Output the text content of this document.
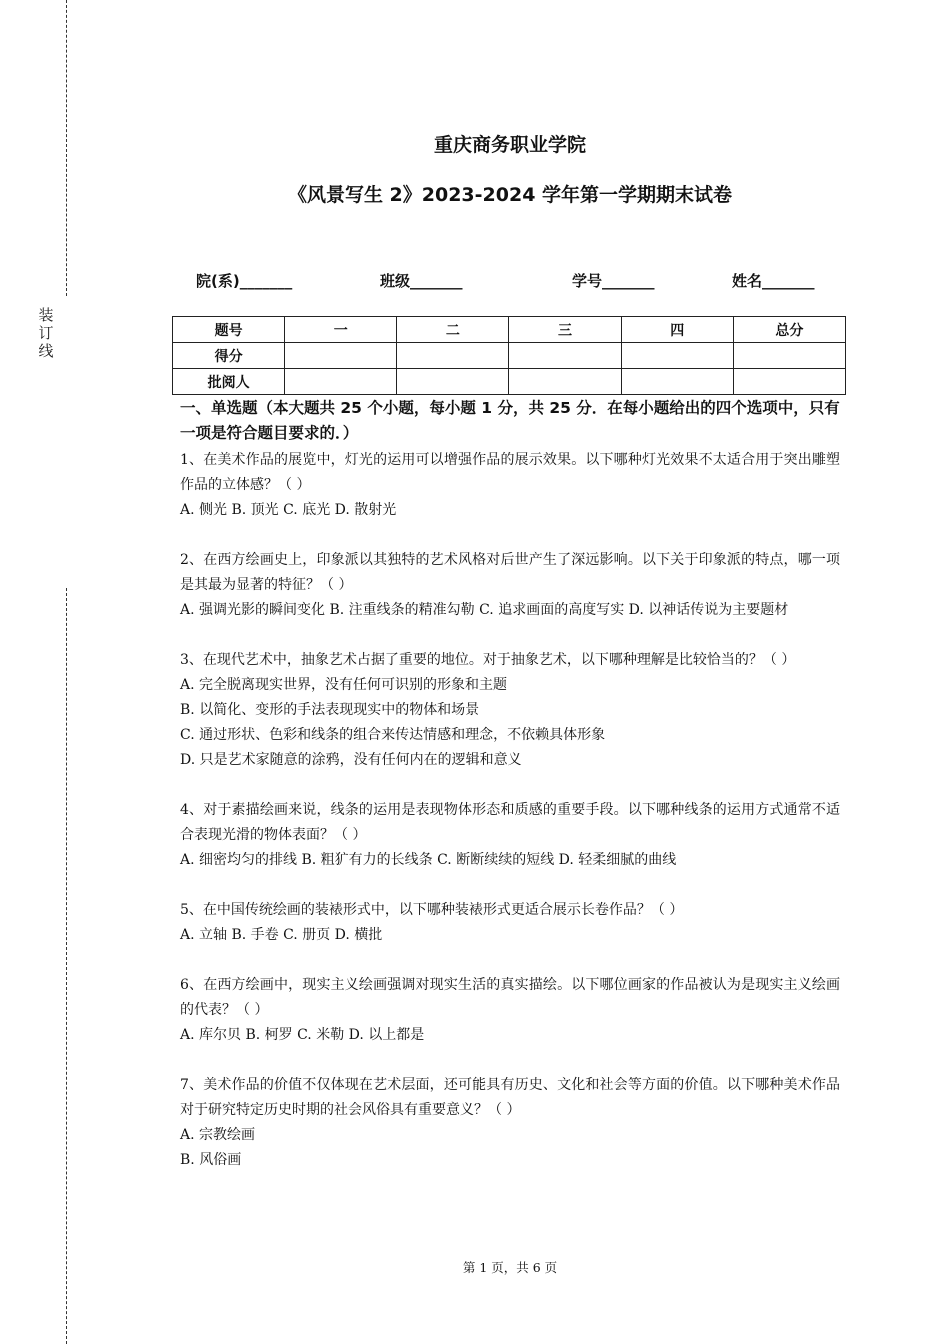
装订线
重庆商务职业学院
《风景写生 2》2023-2024 学年第一学期期末试卷
院(系)_______	班级_______	学号_______	姓名_______
题号	一	二	三	四	总分
得分					
批阅人					
一、单选题（本大题共 25 个小题，每小题 1 分，共 25 分．在每小题给出的四个选项中，只有一项是符合题目要求的．）
1、在美术作品的展览中，灯光的运用可以增强作品的展示效果。以下哪种灯光效果不太适合用于突出雕塑作品的立体感？（ ）
A. 侧光 B. 顶光 C. 底光 D. 散射光
2、在西方绘画史上，印象派以其独特的艺术风格对后世产生了深远影响。以下关于印象派的特点，哪一项是其最为显著的特征？（ ）
A. 强调光影的瞬间变化 B. 注重线条的精准勾勒 C. 追求画面的高度写实 D. 以神话传说为主要题材
3、在现代艺术中，抽象艺术占据了重要的地位。对于抽象艺术，以下哪种理解是比较恰当的？（ ）
A. 完全脱离现实世界，没有任何可识别的形象和主题
B. 以简化、变形的手法表现现实中的物体和场景
C. 通过形状、色彩和线条的组合来传达情感和理念，不依赖具体形象
D. 只是艺术家随意的涂鸦，没有任何内在的逻辑和意义
4、对于素描绘画来说，线条的运用是表现物体形态和质感的重要手段。以下哪种线条的运用方式通常不适合表现光滑的物体表面？（ ）
A. 细密均匀的排线 B. 粗犷有力的长线条 C. 断断续续的短线 D. 轻柔细腻的曲线
5、在中国传统绘画的装裱形式中，以下哪种装裱形式更适合展示长卷作品？（ ）
A. 立轴 B. 手卷 C. 册页 D. 横批
6、在西方绘画中，现实主义绘画强调对现实生活的真实描绘。以下哪位画家的作品被认为是现实主义绘画的代表？（ ）
A. 库尔贝 B. 柯罗 C. 米勒 D. 以上都是
7、美术作品的价值不仅体现在艺术层面，还可能具有历史、文化和社会等方面的价值。以下哪种美术作品对于研究特定历史时期的社会风俗具有重要意义？（ ）
A. 宗教绘画
B. 风俗画
第 1 页，共 6 页
